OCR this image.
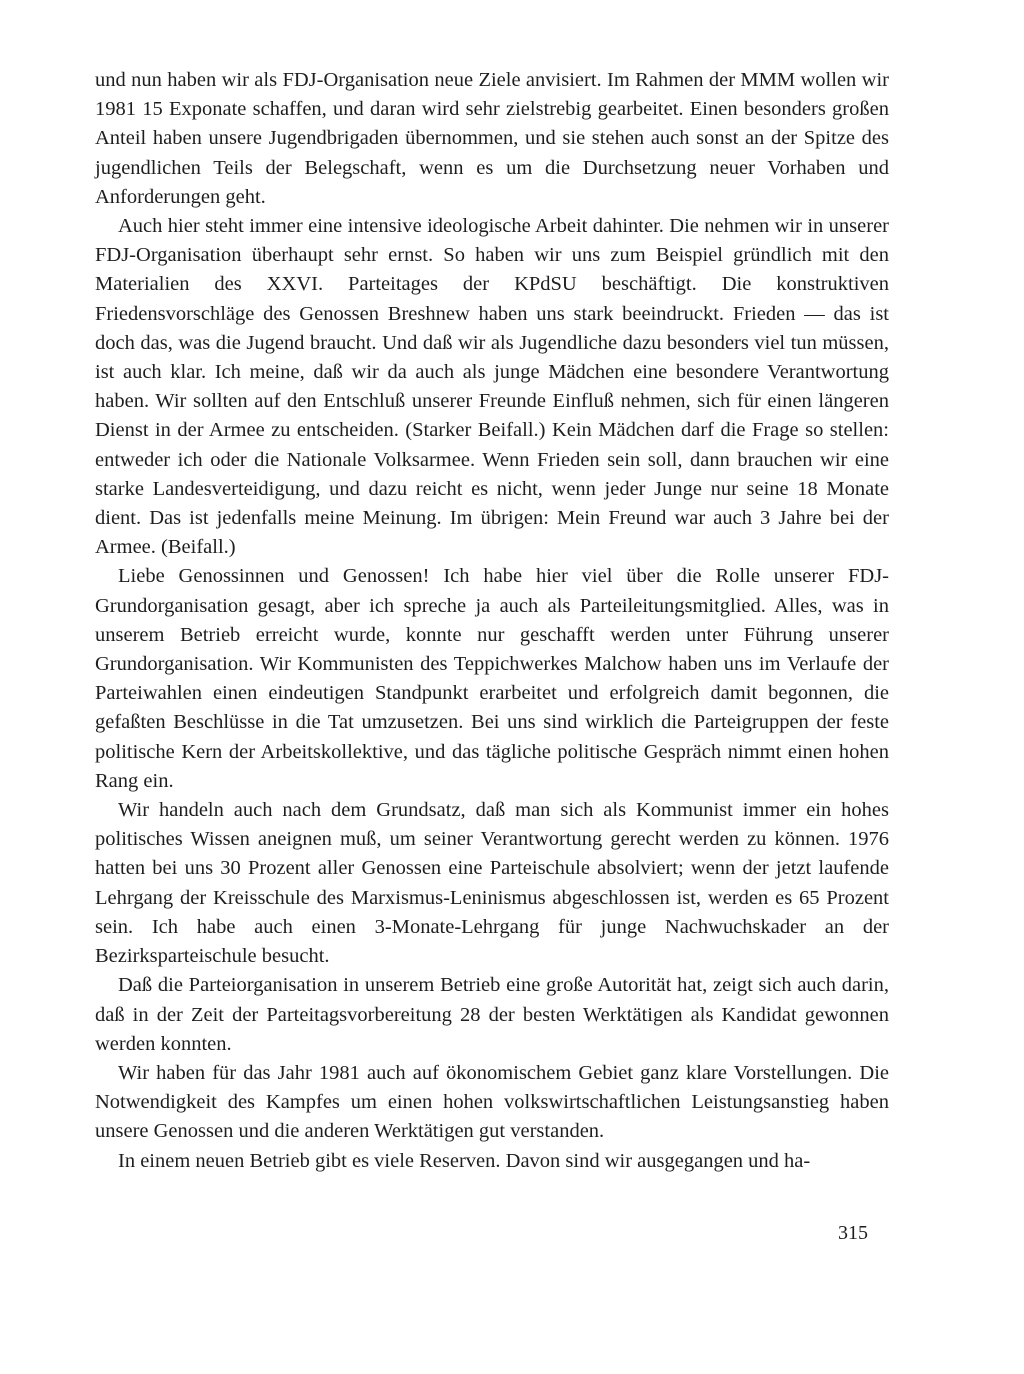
und nun haben wir als FDJ-Organisation neue Ziele anvisiert. Im Rahmen der MMM wollen wir 1981 15 Exponate schaffen, und daran wird sehr zielstrebig gearbeitet. Einen besonders großen Anteil haben unsere Jugendbrigaden übernommen, und sie stehen auch sonst an der Spitze des jugendlichen Teils der Belegschaft, wenn es um die Durchsetzung neuer Vorhaben und Anforderungen geht.

Auch hier steht immer eine intensive ideologische Arbeit dahinter. Die nehmen wir in unserer FDJ-Organisation überhaupt sehr ernst. So haben wir uns zum Beispiel gründlich mit den Materialien des XXVI. Parteitages der KPdSU beschäftigt. Die konstruktiven Friedensvorschläge des Genossen Breshnew haben uns stark beeindruckt. Frieden — das ist doch das, was die Jugend braucht. Und daß wir als Jugendliche dazu besonders viel tun müssen, ist auch klar. Ich meine, daß wir da auch als junge Mädchen eine besondere Verantwortung haben. Wir sollten auf den Entschluß unserer Freunde Einfluß nehmen, sich für einen längeren Dienst in der Armee zu entscheiden. (Starker Beifall.) Kein Mädchen darf die Frage so stellen: entweder ich oder die Nationale Volksarmee. Wenn Frieden sein soll, dann brauchen wir eine starke Landesverteidigung, und dazu reicht es nicht, wenn jeder Junge nur seine 18 Monate dient. Das ist jedenfalls meine Meinung. Im übrigen: Mein Freund war auch 3 Jahre bei der Armee. (Beifall.)

Liebe Genossinnen und Genossen! Ich habe hier viel über die Rolle unserer FDJ-Grundorganisation gesagt, aber ich spreche ja auch als Parteileitungsmitglied. Alles, was in unserem Betrieb erreicht wurde, konnte nur geschafft werden unter Führung unserer Grundorganisation. Wir Kommunisten des Teppichwerkes Malchow haben uns im Verlaufe der Parteiwahlen einen eindeutigen Standpunkt erarbeitet und erfolgreich damit begonnen, die gefaßten Beschlüsse in die Tat umzusetzen. Bei uns sind wirklich die Parteigruppen der feste politische Kern der Arbeitskollektive, und das tägliche politische Gespräch nimmt einen hohen Rang ein.

Wir handeln auch nach dem Grundsatz, daß man sich als Kommunist immer ein hohes politisches Wissen aneignen muß, um seiner Verantwortung gerecht werden zu können. 1976 hatten bei uns 30 Prozent aller Genossen eine Parteischule absolviert; wenn der jetzt laufende Lehrgang der Kreisschule des Marxismus-Leninismus abgeschlossen ist, werden es 65 Prozent sein. Ich habe auch einen 3-Monate-Lehrgang für junge Nachwuchskader an der Bezirksparteischule besucht.

Daß die Parteiorganisation in unserem Betrieb eine große Autorität hat, zeigt sich auch darin, daß in der Zeit der Parteitagsvorbereitung 28 der besten Werktätigen als Kandidat gewonnen werden konnten.

Wir haben für das Jahr 1981 auch auf ökonomischem Gebiet ganz klare Vorstellungen. Die Notwendigkeit des Kampfes um einen hohen volkswirtschaftlichen Leistungsanstieg haben unsere Genossen und die anderen Werktätigen gut verstanden.

In einem neuen Betrieb gibt es viele Reserven. Davon sind wir ausgegangen und ha-

315
